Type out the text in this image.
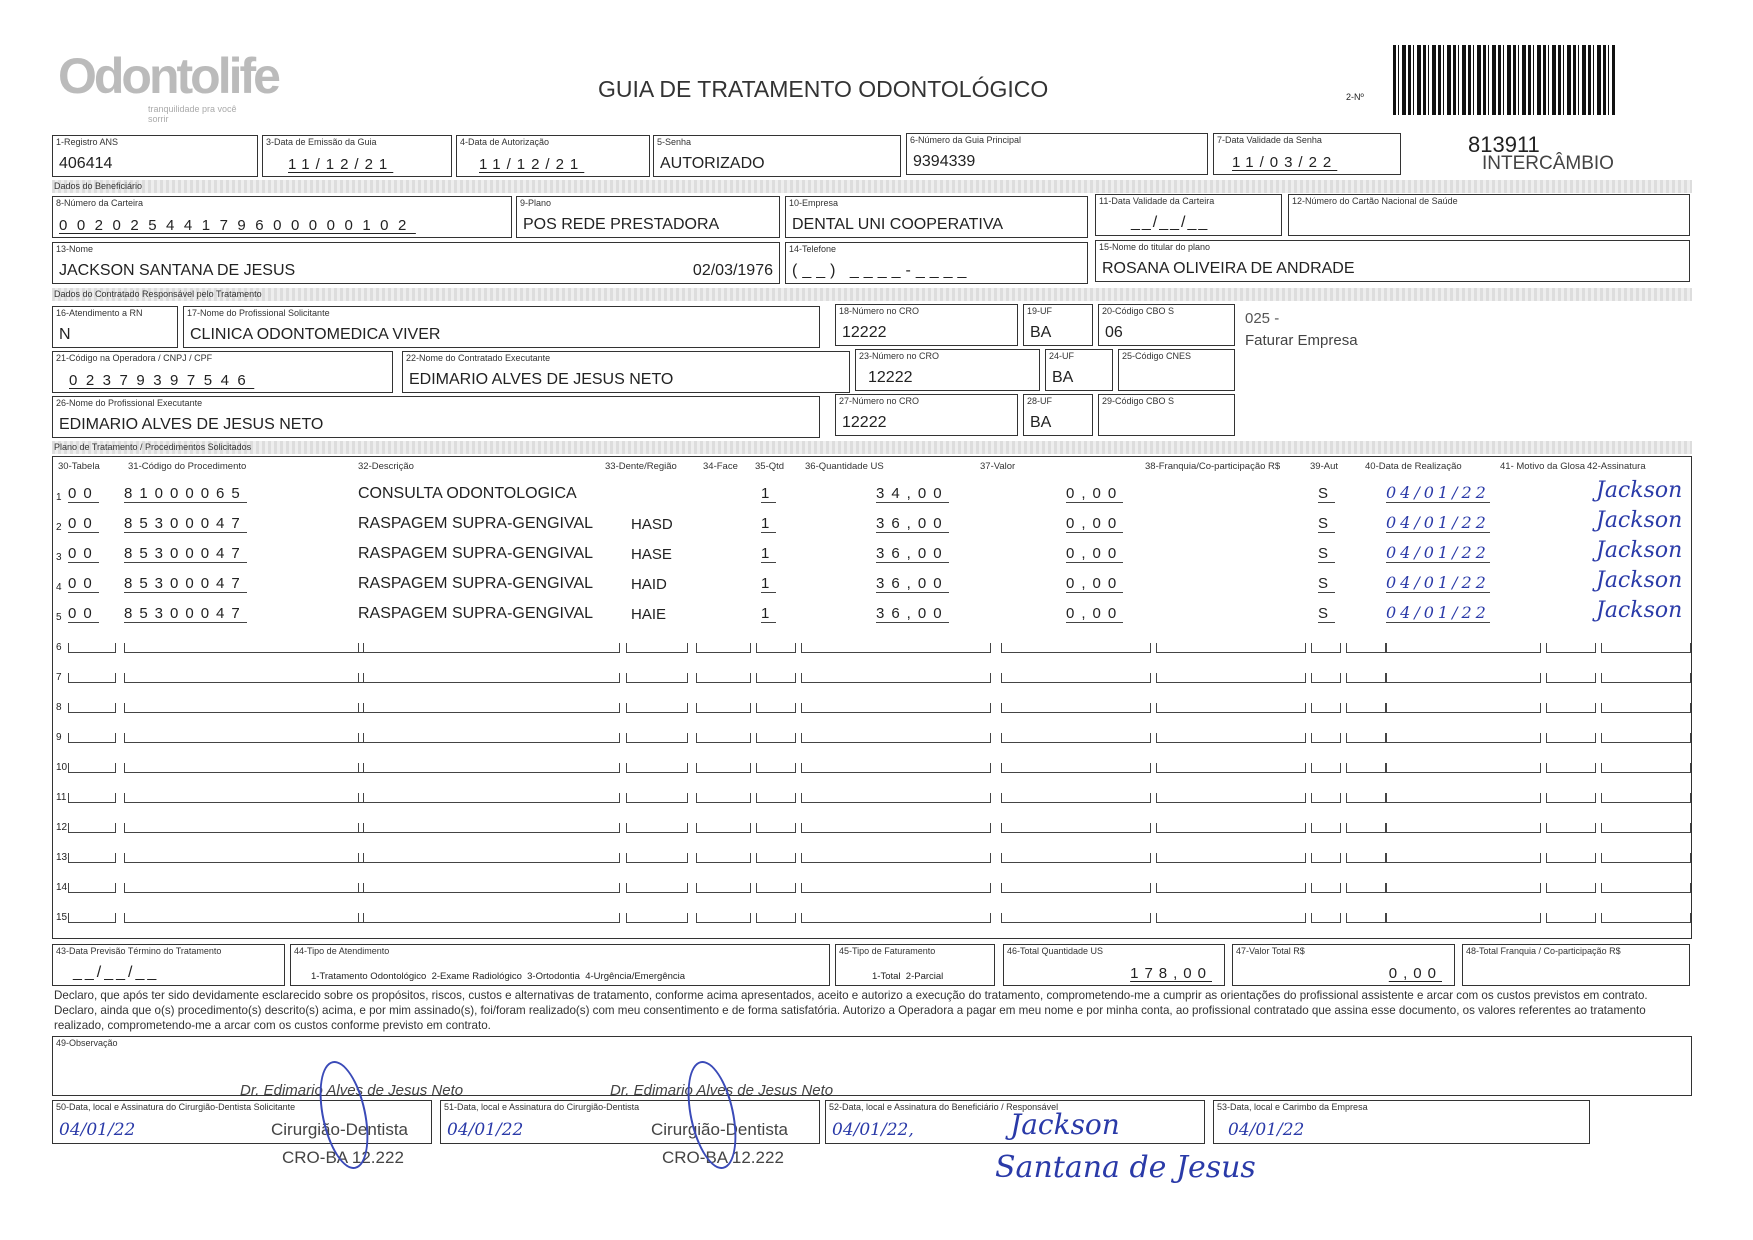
Odontolife
tranquilidade pra você sorrir
GUIA DE TRATAMENTO ODONTOLÓGICO	2-Nº
813911
INTERCÂMBIO
1-Registro ANS
406414
3-Data de Emissão da Guia
11/12/21
4-Data de Autorização
11/12/21
5-Senha
AUTORIZADO
6-Número da Guia Principal
9394339
7-Data Validade da Senha
11/03/22
Dados do Beneficiário
8-Número da Carteira
00202544179600000102
9-Plano
POS REDE PRESTADORA
10-Empresa
DENTAL UNI COOPERATIVA
11-Data Validade da Carteira
__/__/__
12-Número do Cartão Nacional de Saúde
13-Nome
JACKSON SANTANA DE JESUS	02/03/1976
14-Telefone
(__) ____-____
15-Nome do titular do plano
ROSANA OLIVEIRA DE ANDRADE
Dados do Contratado Responsável pelo Tratamento
16-Atendimento a RN
N
17-Nome do Profissional Solicitante
CLINICA ODONTOMEDICA VIVER
18-Número no CRO
12222
19-UF
BA
20-Código CBO S
06
025 -
Faturar Empresa
21-Código na Operadora / CNPJ / CPF
02379397546
22-Nome do Contratado Executante
EDIMARIO ALVES DE JESUS NETO
23-Número no CRO
12222
24-UF
BA
25-Código CNES
26-Nome do Profissional Executante
EDIMARIO ALVES DE JESUS NETO
27-Número no CRO
12222
28-UF
BA
29-Código CBO S
Plano de Tratamento / Procedimentos Solicitados
30-Tabela	31-Código do Procedimento	32-Descrição	33-Dente/Região	34-Face 35-Qtd 36-Quantidade US	37-Valor	38-Franquia/Co-participação R$	39-Aut	40-Data de Realização	41- Motivo da Glosa 42-Assinatura
1 00 81000065	CONSULTA ODONTOLOGICA	1	34,00	0,00	S	04/01/22	Jackson
2 00 85300047	RASPAGEM SUPRA-GENGIVAL	HASD	1	36,00	0,00	S	04/01/22	Jackson
3 00 85300047	RASPAGEM SUPRA-GENGIVAL	HASE	1	36,00	0,00	S	04/01/22	Jackson
4 00 85300047	RASPAGEM SUPRA-GENGIVAL	HAID	1	36,00	0,00	S	04/01/22	Jackson
5 00 85300047	RASPAGEM SUPRA-GENGIVAL	HAIE	1	36,00	0,00	S	04/01/22	Jackson
6
7
8
9
10
11
12
13
14
15
43-Data Previsão Término do Tratamento
__/__/__
44-Tipo de Atendimento
1-Tratamento Odontológico  2-Exame Radiológico  3-Ortodontia  4-Urgência/Emergência
45-Tipo de Faturamento
1-Total  2-Parcial
46-Total Quantidade US
178,00
47-Valor Total R$
0,00
48-Total Franquia / Co-participação R$
Declaro, que após ter sido devidamente esclarecido sobre os propósitos, riscos, custos e alternativas de tratamento, conforme acima apresentados, aceito e autorizo a execução do tratamento, comprometendo-me a cumprir as orientações do profissional assistente e arcar com os custos previstos em contrato. Declaro, ainda que o(s) procedimento(s) descrito(s) acima, e por mim assinado(s), foi/foram realizado(s) com meu consentimento e de forma satisfatória. Autorizo a Operadora a pagar em meu nome e por minha conta, ao profissional contratado que assina esse documento, os valores referentes ao tratamento realizado, comprometendo-me a arcar com os custos conforme previsto em contrato.
49-Observação
50-Data, local e Assinatura do Cirurgião-Dentista Solicitante
04/01/22	Cirurgião-Dentista
Dr. Edimario Alves de Jesus Neto
CRO-BA 12.222
51-Data, local e Assinatura do Cirurgião-Dentista
04/01/22	Cirurgião-Dentista
Dr. Edimario Alves de Jesus Neto
CRO-BA 12.222
52-Data, local e Assinatura do Beneficiário / Responsável
04/01/22,	Jackson
Santana de Jesus
53-Data, local e Carimbo da Empresa
04/01/22
